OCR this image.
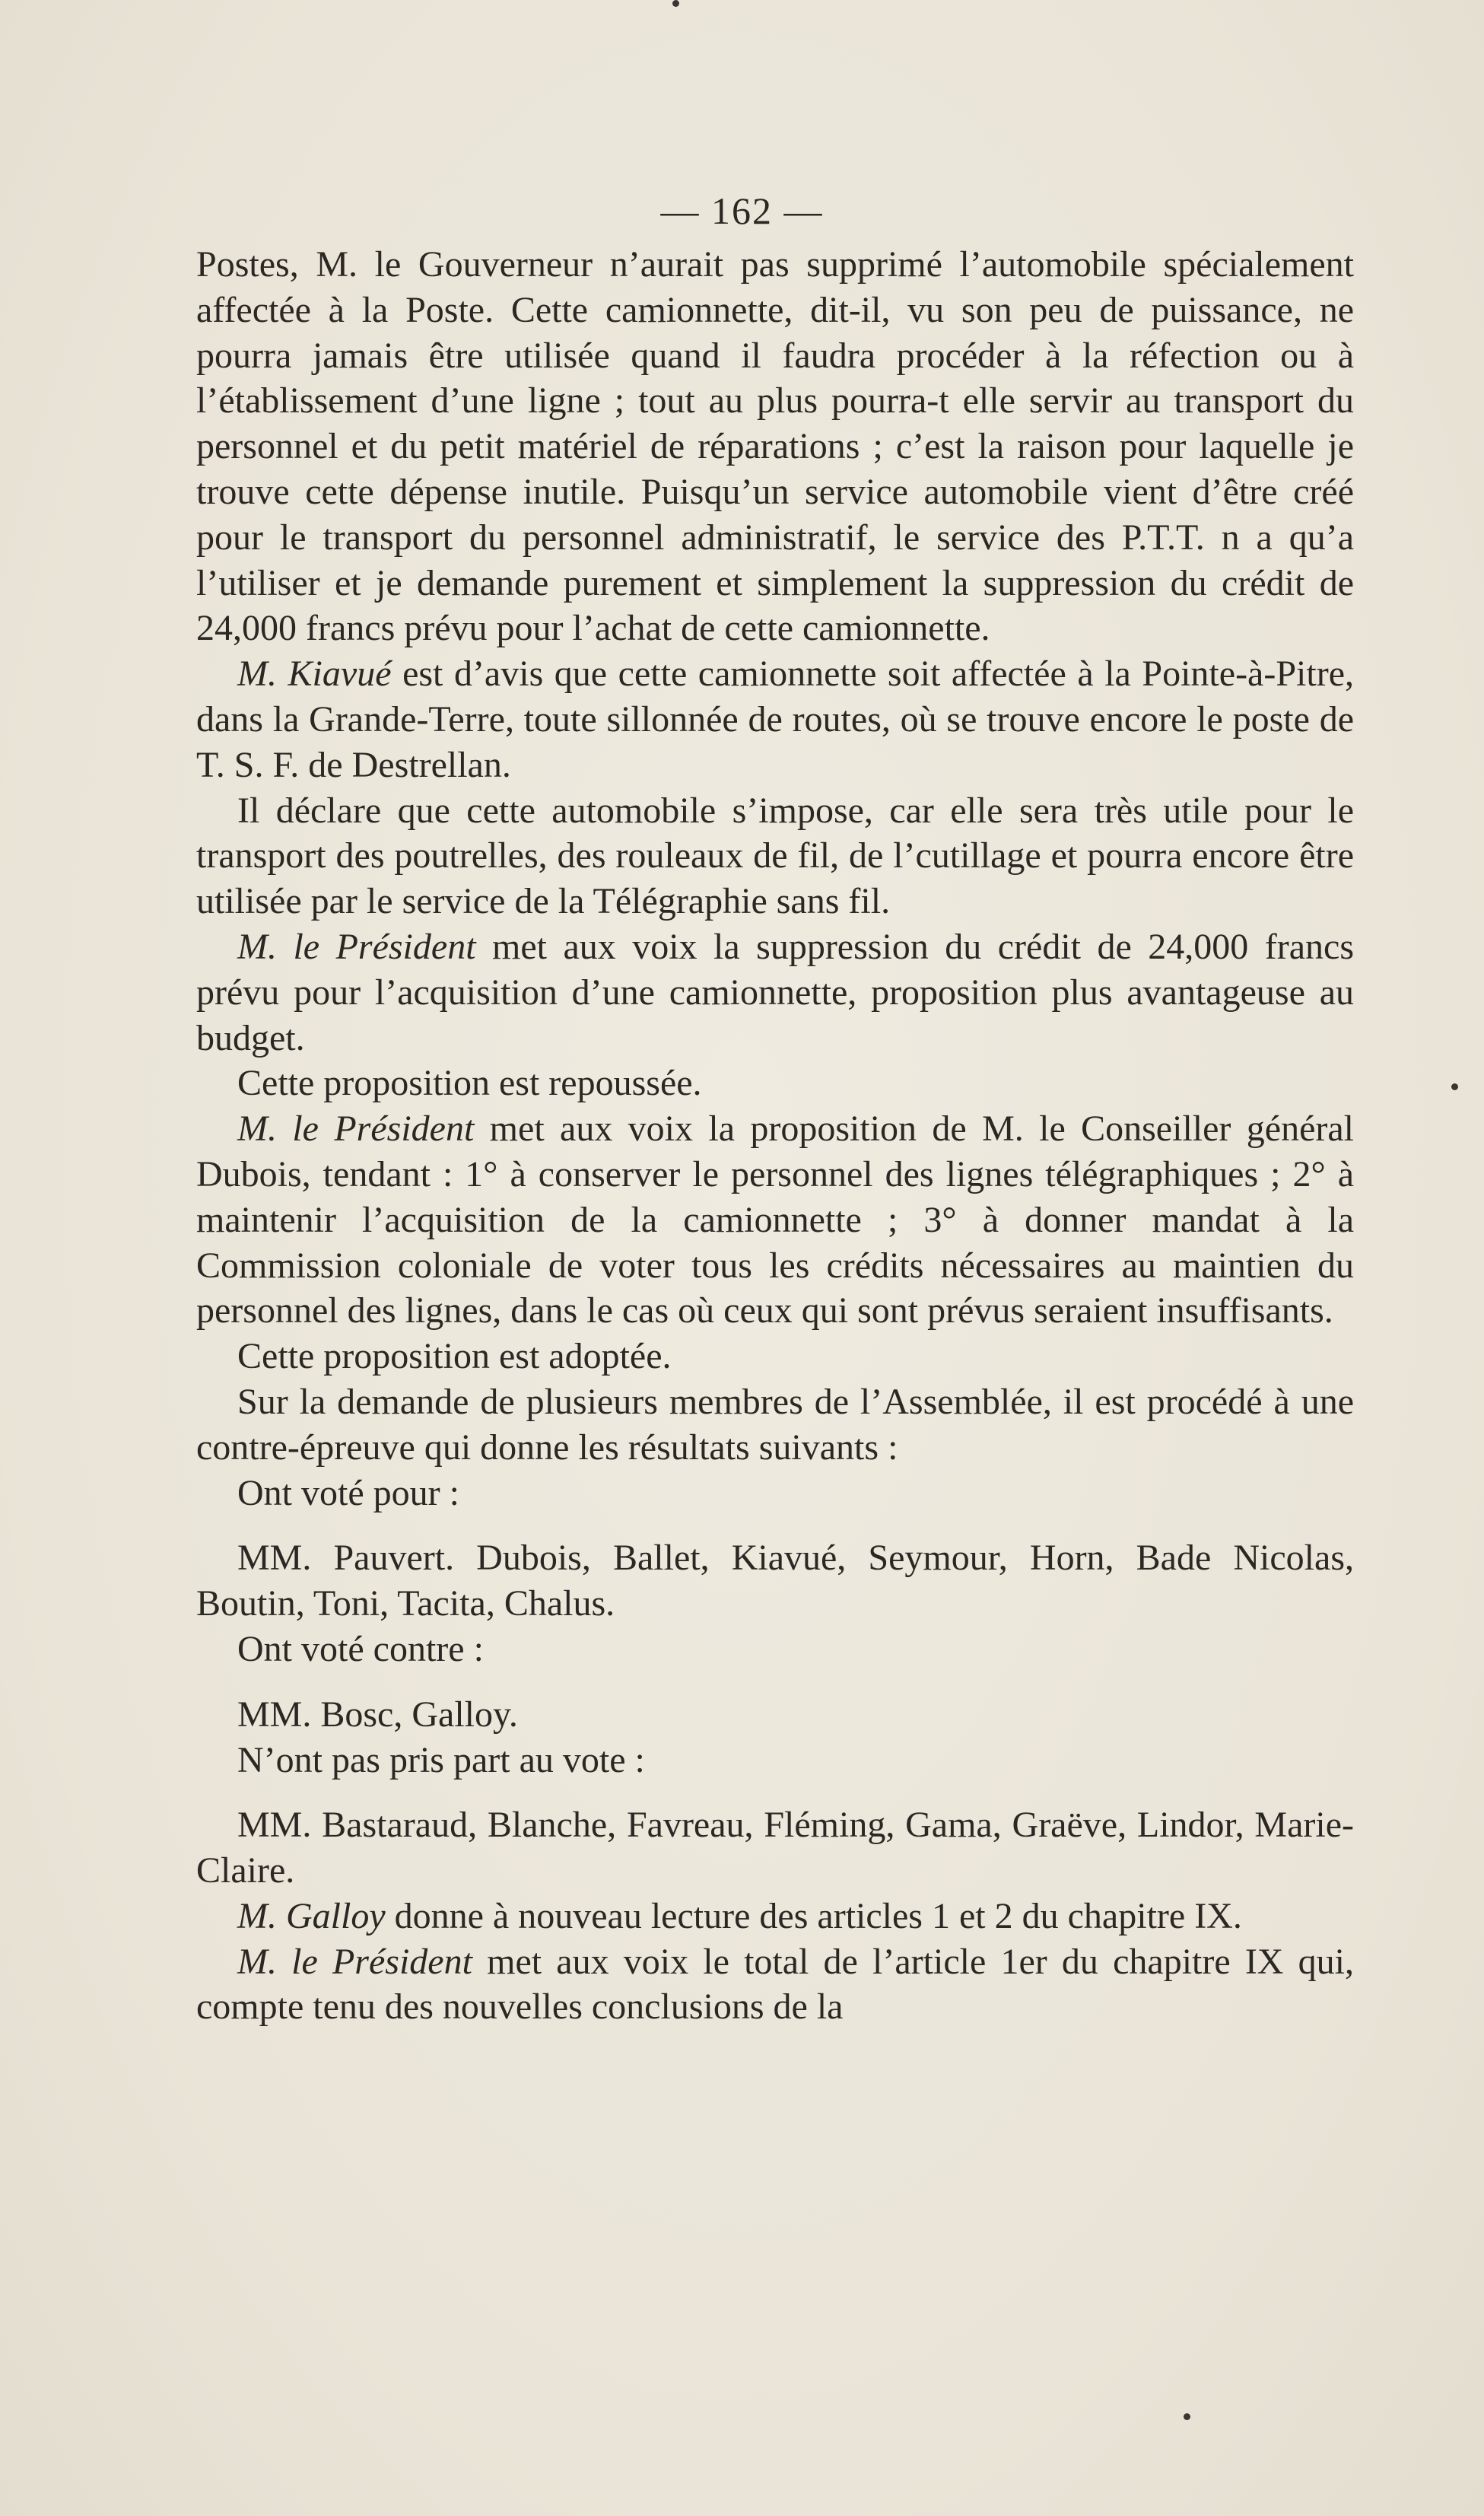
— 162 —

Postes, M. le Gouverneur n’aurait pas supprimé l’automobile spécialement affectée à la Poste. Cette camionnette, dit-il, vu son peu de puissance, ne pourra jamais être utilisée quand il faudra procéder à la réfection ou à l’établissement d’une ligne ; tout au plus pourra-t elle servir au transport du personnel et du petit matériel de réparations ; c’est la raison pour laquelle je trouve cette dépense inutile. Puisqu’un service automobile vient d’être créé pour le transport du personnel administratif, le service des P.T.T. n a qu’a l’utiliser et je demande purement et simplement la suppression du crédit de 24,000 francs prévu pour l’achat de cette camionnette.

M. Kiavué est d’avis que cette camionnette soit affectée à la Pointe-à-Pitre, dans la Grande-Terre, toute sillonnée de routes, où se trouve encore le poste de T. S. F. de Destrellan.

Il déclare que cette automobile s’impose, car elle sera très utile pour le transport des poutrelles, des rouleaux de fil, de l’cutillage et pourra encore être utilisée par le service de la Télégraphie sans fil.

M. le Président met aux voix la suppression du crédit de 24,000 francs prévu pour l’acquisition d’une camionnette, proposition plus avantageuse au budget.

Cette proposition est repoussée.

M. le Président met aux voix la proposition de M. le Conseiller général Dubois, tendant : 1° à conserver le personnel des lignes télégraphiques ; 2° à maintenir l’acquisition de la camionnette ; 3° à donner mandat à la Commission coloniale de voter tous les crédits nécessaires au maintien du personnel des lignes, dans le cas où ceux qui sont prévus seraient insuffisants.

Cette proposition est adoptée.

Sur la demande de plusieurs membres de l’Assemblée, il est procédé à une contre-épreuve qui donne les résultats suivants :

Ont voté pour :

MM. Pauvert. Dubois, Ballet, Kiavué, Seymour, Horn, Bade Nicolas, Boutin, Toni, Tacita, Chalus.

Ont voté contre :

MM. Bosc, Galloy.

N’ont pas pris part au vote :

MM. Bastaraud, Blanche, Favreau, Fléming, Gama, Graëve, Lindor, Marie-Claire.

M. Galloy donne à nouveau lecture des articles 1 et 2 du chapitre IX.

M. le Président met aux voix le total de l’article 1er du chapitre IX qui, compte tenu des nouvelles conclusions de la
